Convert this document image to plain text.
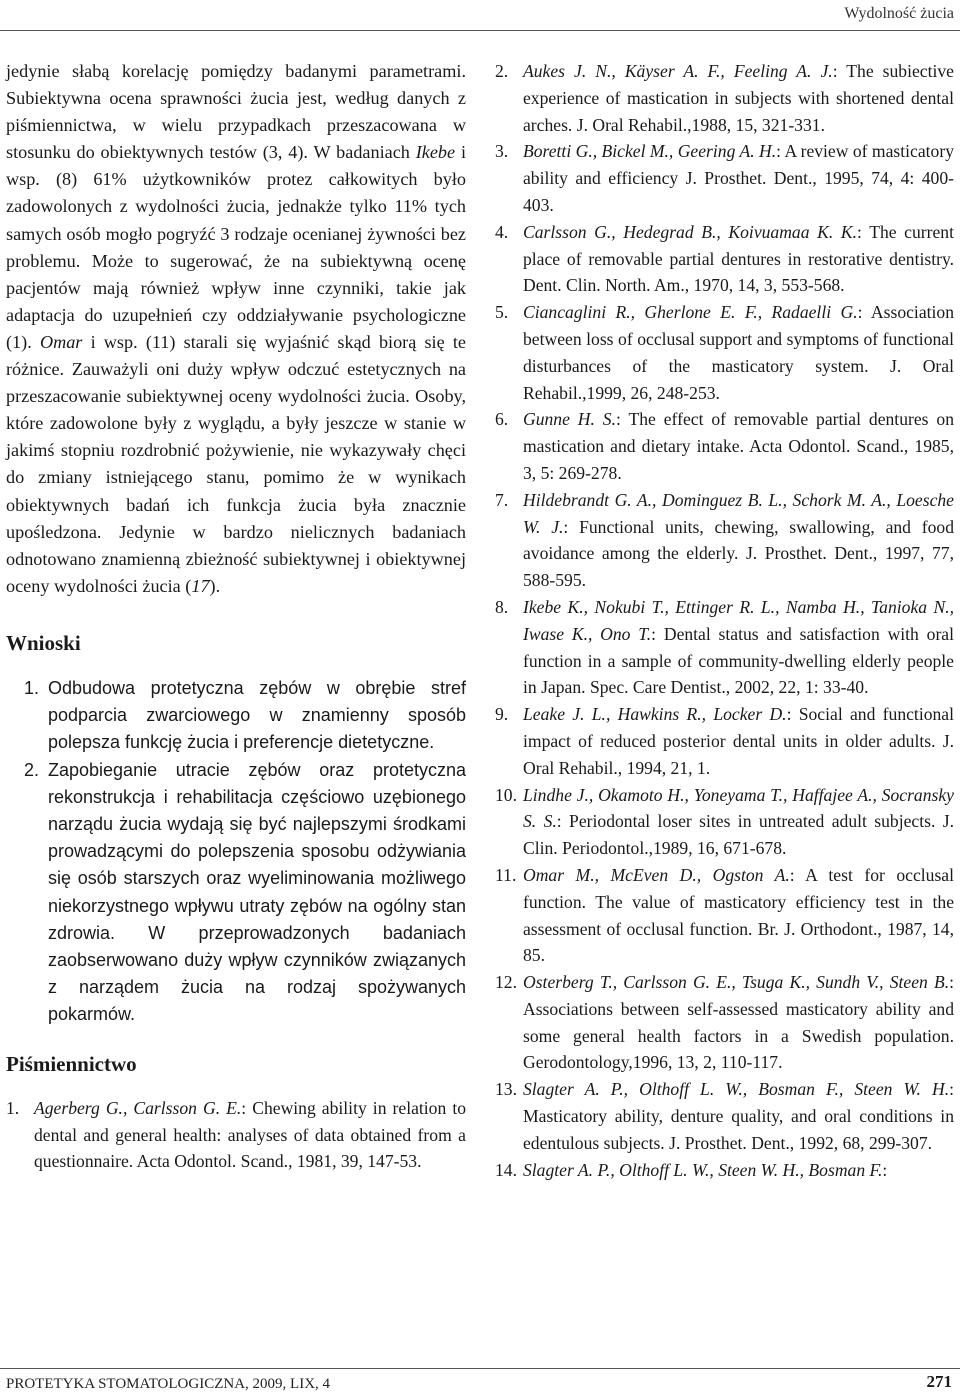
Wydolność żucia

jedynie słabą korelację pomiędzy badanymi parametrami. Subiektywna ocena sprawności żucia jest, według danych z piśmiennictwa, w wielu przypadkach przeszacowana w stosunku do obiektywnych testów (3, 4). W badaniach Ikebe i wsp. (8) 61% użytkowników protez całkowitych było zadowolonych z wydolności żucia, jednakże tylko 11% tych samych osób mogło pogryźć 3 rodzaje ocenianej żywności bez problemu. Może to sugerować, że na subiektywną ocenę pacjentów mają również wpływ inne czynniki, takie jak adaptacja do uzupełnień czy oddziaływanie psychologiczne (1). Omar i wsp. (11) starali się wyjaśnić skąd biorą się te różnice. Zauważyli oni duży wpływ odczuć estetycznych na przeszacowanie subiektywnej oceny wydolności żucia. Osoby, które zadowolone były z wyglądu, a były jeszcze w stanie w jakimś stopniu rozdrobnić pożywienie, nie wykazywały chęci do zmiany istniejącego stanu, pomimo że w wynikach obiektywnych badań ich funkcja żucia była znacznie upośledzona. Jedynie w bardzo nielicznych badaniach odnotowano znamienną zbieżność subiektywnej i obiektywnej oceny wydolności żucia (17).

Wnioski

1. Odbudowa protetyczna zębów w obrębie stref podparcia zwarciowego w znamienny sposób polepsza funkcję żucia i preferencje dietetyczne.

2. Zapobieganie utracie zębów oraz protetyczna rekonstrukcja i rehabilitacja częściowo uzębionego narządu żucia wydają się być najlepszymi środkami prowadzącymi do polepszenia sposobu odżywiania się osób starszych oraz wyeliminowania możliwego niekorzystnego wpływu utraty zębów na ogólny stan zdrowia. W przeprowadzonych badaniach zaobserwowano duży wpływ czynników związanych z narządem żucia na rodzaj spożywanych pokarmów.

Piśmiennictwo

1. Agerberg G., Carlsson G. E.: Chewing ability in relation to dental and general health: analyses of data obtained from a questionnaire. Acta Odontol. Scand., 1981, 39, 147-53.

2. Aukes J. N., Käyser A. F., Feeling A. J.: The subiective experience of mastication in subjects with shortened dental arches. J. Oral Rehabil.,1988, 15, 321-331.

3. Boretti G., Bickel M., Geering A. H.: A review of masticatory ability and efficiency J. Prosthet. Dent., 1995, 74, 4: 400-403.

4. Carlsson G., Hedegrad B., Koivuamaa K. K.: The current place of removable partial dentures in restorative dentistry. Dent. Clin. North. Am., 1970, 14, 3, 553-568.

5. Ciancaglini R., Gherlone E. F., Radaelli G.: Association between loss of occlusal support and symptoms of functional disturbances of the masticatory system. J. Oral Rehabil.,1999, 26, 248-253.

6. Gunne H. S.: The effect of removable partial dentures on mastication and dietary intake. Acta Odontol. Scand., 1985, 3, 5: 269-278.

7. Hildebrandt G. A., Dominguez B. L., Schork M. A., Loesche W. J.: Functional units, chewing, swallowing, and food avoidance among the elderly. J. Prosthet. Dent., 1997, 77, 588-595.

8. Ikebe K., Nokubi T., Ettinger R. L., Namba H., Tanioka N., Iwase K., Ono T.: Dental status and satisfaction with oral function in a sample of community-dwelling elderly people in Japan. Spec. Care Dentist., 2002, 22, 1: 33-40.

9. Leake J. L., Hawkins R., Locker D.: Social and functional impact of reduced posterior dental units in older adults. J. Oral Rehabil., 1994, 21, 1.

10. Lindhe J., Okamoto H., Yoneyama T., Haffajee A., Socransky S. S.: Periodontal loser sites in untreated adult subjects. J. Clin. Periodontol.,1989, 16, 671-678.

11. Omar M., McEven D., Ogston A.: A test for occlusal function. The value of masticatory efficiency test in the assessment of occlusal function. Br. J. Orthodont., 1987, 14, 85.

12. Osterberg T., Carlsson G. E., Tsuga K., Sundh V., Steen B.: Associations between self-assessed masticatory ability and some general health factors in a Swedish population. Gerodontology,1996, 13, 2, 110-117.

13. Slagter A. P., Olthoff L. W., Bosman F., Steen W. H.: Masticatory ability, denture quality, and oral conditions in edentulous subjects. J. Prosthet. Dent., 1992, 68, 299-307.

14. Slagter A. P., Olthoff L. W., Steen W. H., Bosman F.:

PROTETYKA STOMATOLOGICZNA, 2009, LIX, 4	271
